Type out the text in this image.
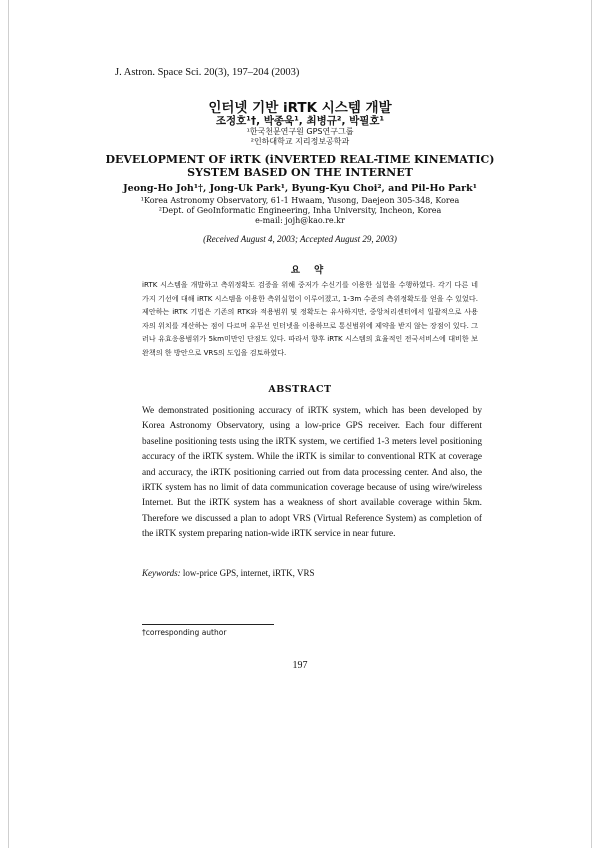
J. Astron. Space Sci. 20(3), 197–204 (2003)
인터넷 기반 iRTK 시스템 개발
조정호¹†, 박종욱¹, 최병규², 박필호¹
¹한국천문연구원 GPS연구그룹
²인하대학교 지리정보공학과
DEVELOPMENT OF iRTK (iNVERTED REAL-TIME KINEMATIC)
SYSTEM BASED ON THE INTERNET
Jeong-Ho Joh¹†, Jong-Uk Park¹, Byung-Kyu Choi², and Pil-Ho Park¹
¹Korea Astronomy Observatory, 61-1 Hwaam, Yusong, Daejeon 305-348, Korea
²Dept. of GeoInformatic Engineering, Inha University, Incheon, Korea
e-mail: jojh@kao.re.kr
(Received August 4, 2003; Accepted August 29, 2003)
요약

iRTK 시스템을 개발하고 측위정확도 검증을 위해 중저가 수신기를 이용한 실험을 수행하였다. 각기 다른 네 가지 기선에 대해 iRTK 시스템을 이용한 측위실험이 이루어졌고, 1-3m 수준의 측위정확도를 얻을 수 있었다. 제안하는 iRTK 기법은 기존의 RTK와 적용범위 및 정확도는 유사하지만, 중앙처리센터에서 일괄적으로 사용자의 위치를 계산하는 점이 다르며 유무선 인터넷을 이용하므로 통신범위에 제약을 받지 않는 장점이 있다. 그러나 유효응용범위가 5km미만인 단점도 있다. 따라서 향후 iRTK 시스템의 효율적인 전국서비스에 대비한 보완책의 한 방안으로 VRS의 도입을 검토하였다.

ABSTRACT

We demonstrated positioning accuracy of iRTK system, which has been developed by Korea Astronomy Observatory, using a low-price GPS receiver. Each four different baseline positioning tests using the iRTK system, we certified 1-3 meters level positioning accuracy of the iRTK system. While the iRTK is similar to conventional RTK at coverage and accuracy, the iRTK positioning carried out from data processing center. And also, the iRTK system has no limit of data communication coverage because of using wire/wireless Internet. But the iRTK system has a weakness of short available coverage within 5km. Therefore we discussed a plan to adopt VRS (Virtual Reference System) as completion of the iRTK system preparing nation-wide iRTK service in near future.

Keywords: low-price GPS, internet, iRTK, VRS
†corresponding author
197
